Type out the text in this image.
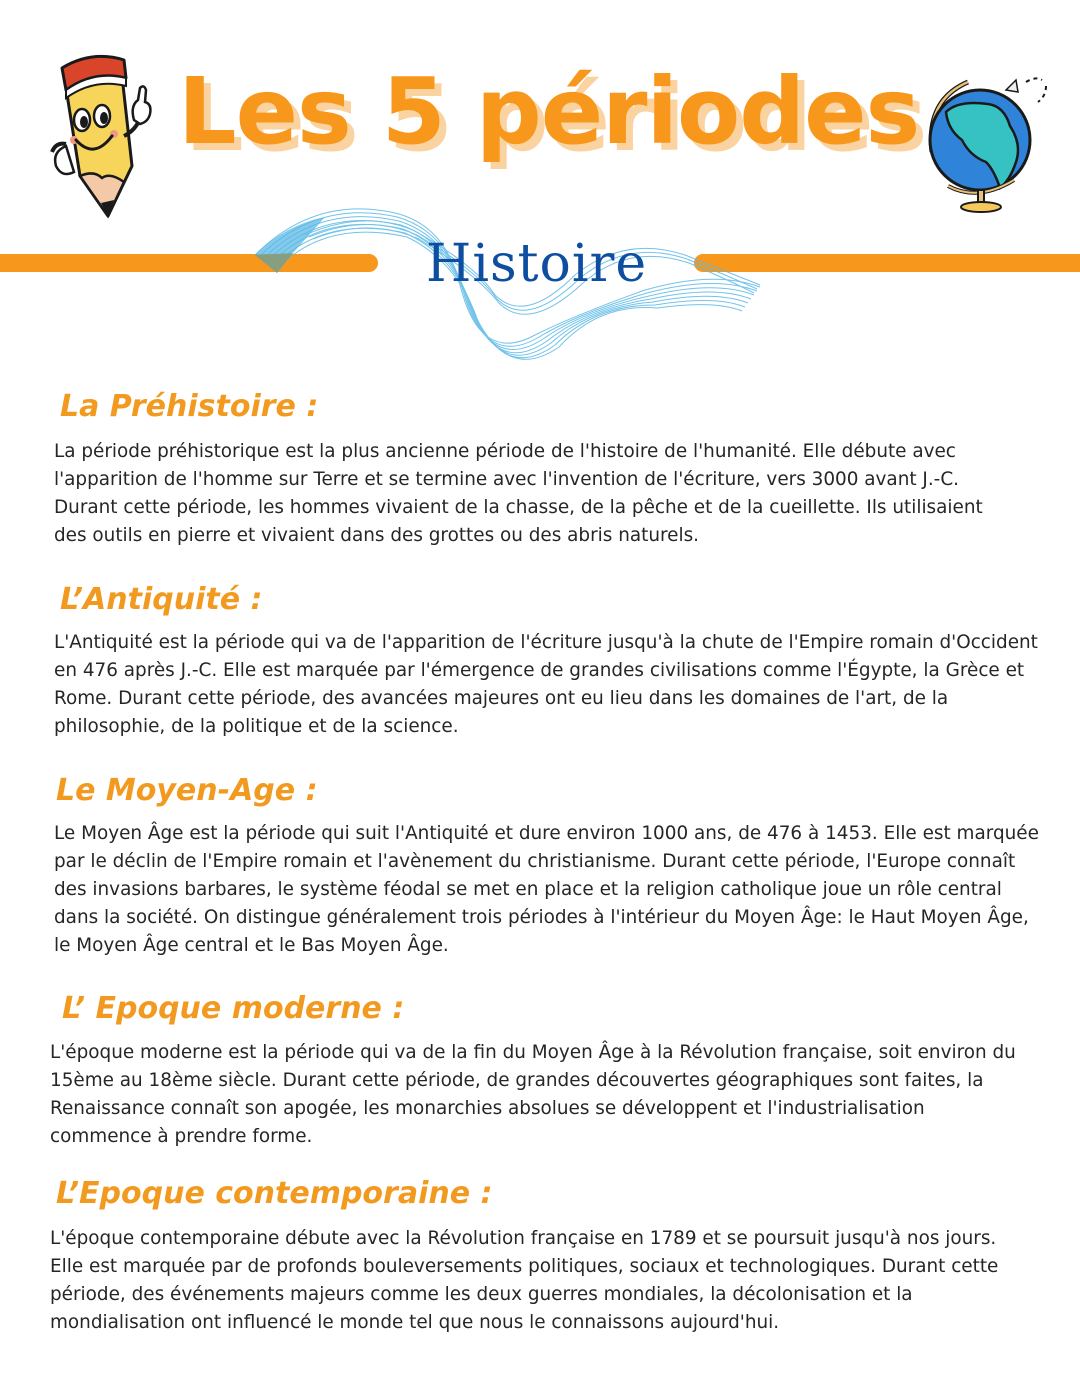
Les 5 périodes
Histoire
La Préhistoire :

La période préhistorique est la plus ancienne période de l'histoire de l'humanité. Elle débute avec
l'apparition de l'homme sur Terre et se termine avec l'invention de l'écriture, vers 3000 avant J.-C.
Durant cette période, les hommes vivaient de la chasse, de la pêche et de la cueillette. Ils utilisaient
des outils en pierre et vivaient dans des grottes ou des abris naturels.

L’Antiquité :

L'Antiquité est la période qui va de l'apparition de l'écriture jusqu'à la chute de l'Empire romain d'Occident
en 476 après J.-C. Elle est marquée par l'émergence de grandes civilisations comme l'Égypte, la Grèce et
Rome. Durant cette période, des avancées majeures ont eu lieu dans les domaines de l'art, de la
philosophie, de la politique et de la science.

Le Moyen-Age :

Le Moyen Âge est la période qui suit l'Antiquité et dure environ 1000 ans, de 476 à 1453. Elle est marquée
par le déclin de l'Empire romain et l'avènement du christianisme. Durant cette période, l'Europe connaît
des invasions barbares, le système féodal se met en place et la religion catholique joue un rôle central
dans la société. On distingue généralement trois périodes à l'intérieur du Moyen Âge: le Haut Moyen Âge,
le Moyen Âge central et le Bas Moyen Âge.

L’ Epoque moderne :

L'époque moderne est la période qui va de la fin du Moyen Âge à la Révolution française, soit environ du
15ème au 18ème siècle. Durant cette période, de grandes découvertes géographiques sont faites, la
Renaissance connaît son apogée, les monarchies absolues se développent et l'industrialisation
commence à prendre forme.

L’Epoque contemporaine :

L'époque contemporaine débute avec la Révolution française en 1789 et se poursuit jusqu'à nos jours.
Elle est marquée par de profonds bouleversements politiques, sociaux et technologiques. Durant cette
période, des événements majeurs comme les deux guerres mondiales, la décolonisation et la
mondialisation ont influencé le monde tel que nous le connaissons aujourd'hui.
